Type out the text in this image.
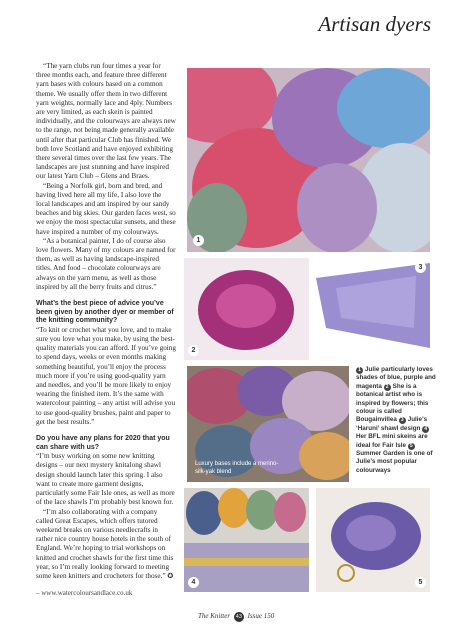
Artisan dyers

“The yarn clubs run four times a year for three months each, and feature three different yarn bases with colours based on a common theme. We usually offer them in two different yarn weights, normally lace and 4ply. Numbers are very limited, as each skein is painted individually, and the colourways are always new to the range, not being made generally available until after that particular Club has finished. We both love Scotland and have enjoyed exhibiting there several times over the last few years. The landscapes are just stunning and have inspired our latest Yarn Club – Glens and Braes.

“Being a Norfolk girl, born and bred, and having lived here all my life, I also love the local landscapes and am inspired by our sandy beaches and big skies. Our garden faces west, so we enjoy the most spectacular sunsets, and these have inspired a number of my colourways.

“As a botanical painter, I do of course also love flowers. Many of my colours are named for them, as well as having landscape-inspired titles. And food – chocolate colourways are always on the yarn menu, as well as those inspired by all the berry fruits and citrus.”

What’s the best piece of advice you’ve been given by another dyer or member of the knitting community?

“To knit or crochet what you love, and to make sure you love what you make, by using the best-quality materials you can afford. If you’ve going to spend days, weeks or even months making something beautiful, you’ll enjoy the process much more if you’re using good-quality yarn and needles, and you’ll be more likely to enjoy wearing the finished item. It’s the same with watercolour painting – any artist will advise you to use good-quality brushes, paint and paper to get the best results.”

Do you have any plans for 2020 that you can share with us?

“I’m busy working on some new knitting designs – our next mystery knitalong shawl design should launch later this spring. I also want to create more garment designs, particularly some Fair Isle ones, as well as more of the lace shawls I’m probably best known for.

“I’m also collaborating with a company called Great Escapes, which offers tutored weekend breaks on various needlecrafts in rather nice country house hotels in the south of England. We’re hoping to trial workshops on knitted and crochet shawls for the first time this year, so I’m really looking forward to meeting some keen knitters and crocheters for those.” ✪

– www.watercoloursandlace.co.uk
1
2
3
Luxury bases include a merino-silk-yak blend
1 Julie particularly loves shades of blue, purple and magenta 2 She is a botanical artist who is inspired by flowers; this colour is called Bougainvillea 3 Julie’s ‘Haruni’ shawl design 4Her BFL mini skeins are ideal for Fair Isle 5Summer Garden is one of Julie’s most popular colourways
4	5
The Knitter 43 Issue 150
